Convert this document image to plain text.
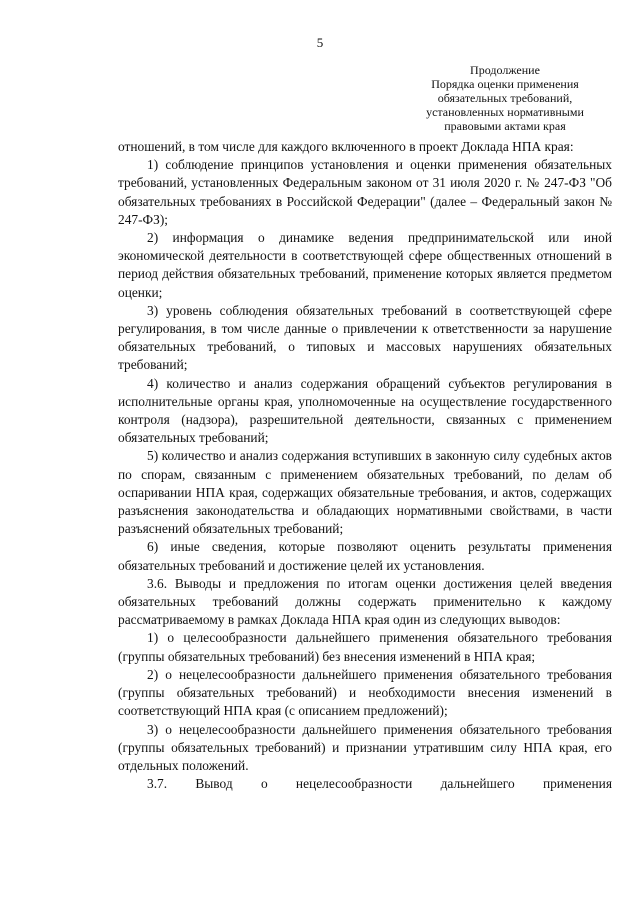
5
Продолжение
Порядка оценки применения
обязательных требований,
установленных нормативными
правовыми актами края

отношений, в том числе для каждого включенного в проект Доклада НПА края:

1) соблюдение принципов установления и оценки применения обязательных требований, установленных Федеральным законом от 31 июля 2020 г. № 247-ФЗ "Об обязательных требованиях в Российской Федерации" (далее – Федеральный закон № 247-ФЗ);

2) информация о динамике ведения предпринимательской или иной экономической деятельности в соответствующей сфере общественных отношений в период действия обязательных требований, применение которых является предметом оценки;

3) уровень соблюдения обязательных требований в соответствующей сфере регулирования, в том числе данные о привлечении к ответственности за нарушение обязательных требований, о типовых и массовых нарушениях обязательных требований;

4) количество и анализ содержания обращений субъектов регулирования в исполнительные органы края, уполномоченные на осуществление государственного контроля (надзора), разрешительной деятельности, связанных с применением обязательных требований;

5) количество и анализ содержания вступивших в законную силу судебных актов по спорам, связанным с применением обязательных требований, по делам об оспаривании НПА края, содержащих обязательные требования, и актов, содержащих разъяснения законодательства и обладающих нормативными свойствами, в части разъяснений обязательных требований;

6) иные сведения, которые позволяют оценить результаты применения обязательных требований и достижение целей их установления.

3.6. Выводы и предложения по итогам оценки достижения целей введения обязательных требований должны содержать применительно к каждому рассматриваемому в рамках Доклада НПА края один из следующих выводов:

1) о целесообразности дальнейшего применения обязательного требования (группы обязательных требований) без внесения изменений в НПА края;

2) о нецелесообразности дальнейшего применения обязательного требования (группы обязательных требований) и необходимости внесения изменений в соответствующий НПА края (с описанием предложений);

3) о нецелесообразности дальнейшего применения обязательного требования (группы обязательных требований) и признании утратившим силу НПА края, его отдельных положений.

3.7. Вывод о нецелесообразности дальнейшего применения
